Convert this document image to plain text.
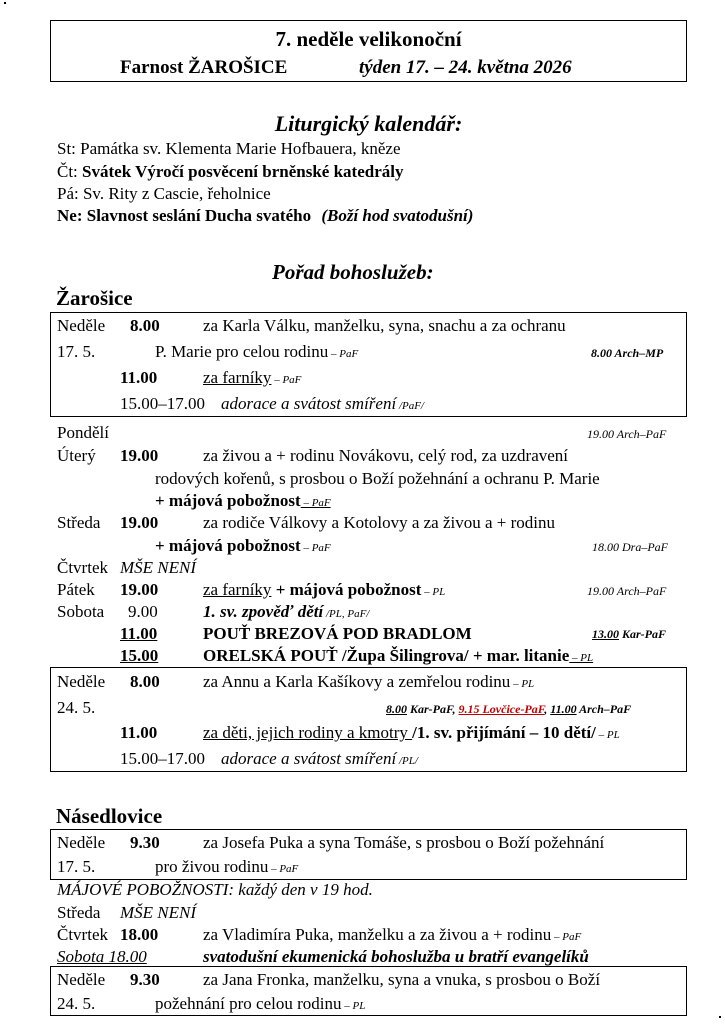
7. neděle velikonoční
Farnost ŽAROŠICE	týden 17. – 24. května 2026
Liturgický kalendář:
St: Památka sv. Klementa Marie Hofbauera, kněze
Čt: Svátek Výročí posvěcení brněnské katedrály
Pá: Sv. Rity z Cascie, řeholnice
Ne: Slavnost seslání Ducha svatého (Boží hod svatodušní)
Pořad bohoslužeb:
Žarošice
Neděle 8.00	za Karla Válku, manželku, syna, snachu a za ochranu
17. 5.	P. Marie pro celou rodinu – PaF	8.00 Arch–MP
11.00	za farníky – PaF
15.00–17.00 adorace a svátost smíření /PaF/
Pondělí	19.00 Arch–PaF
Úterý 19.00	za živou a + rodinu Novákovu, celý rod, za uzdravení
rodových kořenů, s prosbou o Boží požehnání a ochranu P. Marie
+ májová pobožnost – PaF
Středa 19.00	za rodiče Válkovy a Kotolovy a za živou a + rodinu
+ májová pobožnost – PaF	18.00 Dra–PaF
Čtvrtek MŠE NENÍ
Pátek 19.00	za farníky + májová pobožnost – PL	19.00 Arch–PaF
Sobota 9.00	1. sv. zpověď dětí /PL, PaF/
11.00	POUŤ BREZOVÁ POD BRADLOM	13.00 Kar-PaF
15.00	ORELSKÁ POUŤ /Župa Šilingrova/ + mar. litanie – PL
Neděle 8.00	za Annu a Karla Kašíkovy a zemřelou rodinu – PL
24. 5.	8.00 Kar-PaF, 9.15 Lovčice-PaF, 11.00 Arch–PaF
11.00	za děti, jejich rodiny a kmotry /1. sv. přijímání – 10 dětí/ – PL
15.00–17.00 adorace a svátost smíření /PL/
Násedlovice
Neděle 9.30	za Josefa Puka a syna Tomáše, s prosbou o Boží požehnání
17. 5.	pro živou rodinu – PaF
MÁJOVÉ POBOŽNOSTI: každý den v 19 hod.
Středa MŠE NENÍ
Čtvrtek 18.00	za Vladimíra Puka, manželku a za živou a + rodinu – PaF
Sobota 18.00	svatodušní ekumenická bohoslužba u bratří evangelíků
Neděle 9.30	za Jana Fronka, manželku, syna a vnuka, s prosbou o Boží
24. 5.	požehnání pro celou rodinu – PL
